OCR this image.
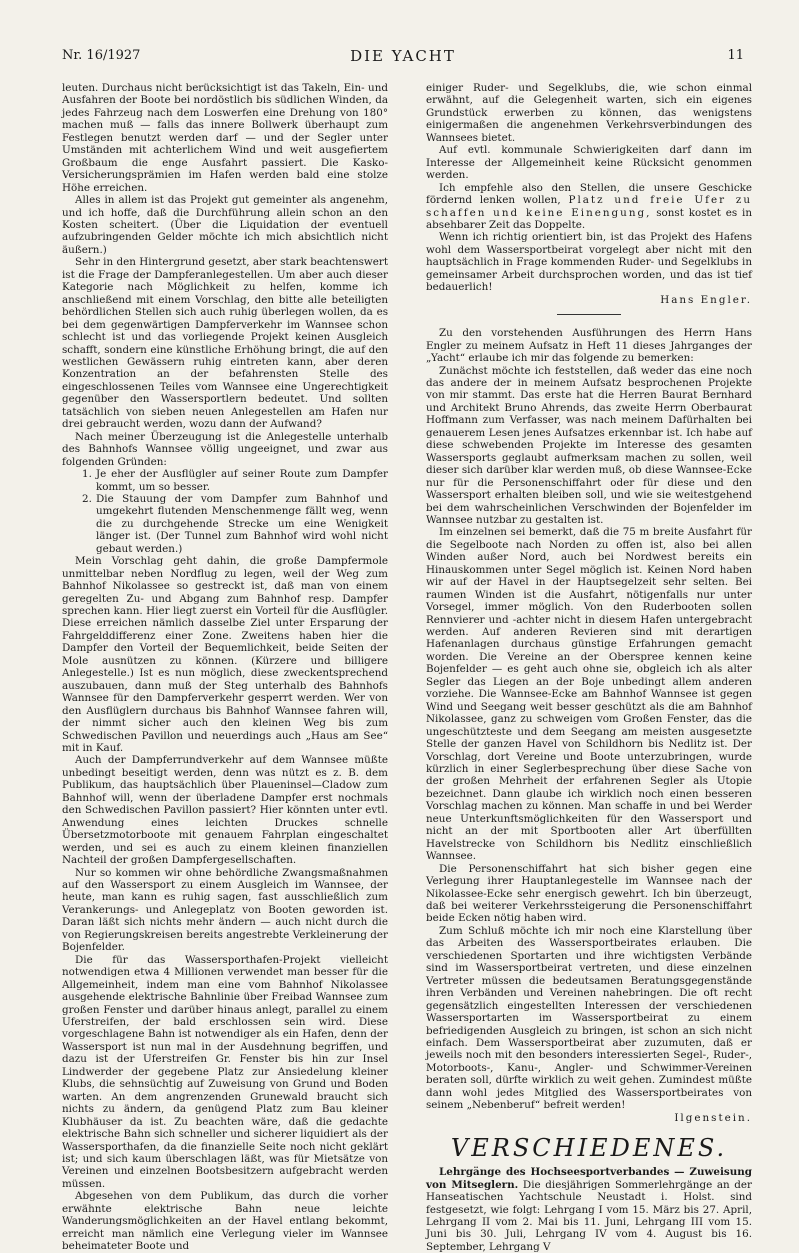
Nr. 16/1927	DIE YACHT	11

leuten. Durchaus nicht berücksichtigt ist das Takeln, Ein- und Ausfahren der Boote bei nordöstlich bis südlichen Winden, da jedes Fahrzeug nach dem Loswerfen eine Drehung von 180° machen muß — falls das innere Bollwerk überhaupt zum Festlegen benutzt werden darf — und der Segler unter Umständen mit achterlichem Wind und weit ausgefiertem Großbaum die enge Ausfahrt passiert. Die Kasko-Versicherungsprämien im Hafen werden bald eine stolze Höhe erreichen.

Alles in allem ist das Projekt gut gemeinter als angenehm, und ich hoffe, daß die Durchführung allein schon an den Kosten scheitert. (Über die Liquidation der eventuell aufzubringenden Gelder möchte ich mich absichtlich nicht äußern.)

Sehr in den Hintergrund gesetzt, aber stark beachtenswert ist die Frage der Dampferanlegestellen. Um aber auch dieser Kategorie nach Möglichkeit zu helfen, komme ich anschließend mit einem Vorschlag, den bitte alle beteiligten behördlichen Stellen sich auch ruhig überlegen wollen, da es bei dem gegenwärtigen Dampferverkehr im Wannsee schon schlecht ist und das vorliegende Projekt keinen Ausgleich schafft, sondern eine künstliche Erhöhung bringt, die auf den westlichen Gewässern ruhig eintreten kann, aber deren Konzentration an der befahrensten Stelle des eingeschlossenen Teiles vom Wannsee eine Ungerechtigkeit gegenüber den Wassersportlern bedeutet. Und sollten tatsächlich von sieben neuen Anlegestellen am Hafen nur drei gebraucht werden, wozu dann der Aufwand?

Nach meiner Überzeugung ist die Anlegestelle unterhalb des Bahnhofs Wannsee völlig ungeeignet, und zwar aus folgenden Gründen:

1. Je eher der Ausflügler auf seiner Route zum Dampfer kommt, um so besser.
2. Die Stauung der vom Dampfer zum Bahnhof und umgekehrt flutenden Menschenmenge fällt weg, wenn die zu durchgehende Strecke um eine Wenigkeit länger ist. (Der Tunnel zum Bahnhof wird wohl nicht gebaut werden.)

Mein Vorschlag geht dahin, die große Dampfermole unmittelbar neben Nordflug zu legen, weil der Weg zum Bahnhof Nikolassee so gestreckt ist, daß man von einem geregelten Zu- und Abgang zum Bahnhof resp. Dampfer sprechen kann. Hier liegt zuerst ein Vorteil für die Ausflügler. Diese erreichen nämlich dasselbe Ziel unter Ersparung der Fahrgelddifferenz einer Zone. Zweitens haben hier die Dampfer den Vorteil der Bequemlichkeit, beide Seiten der Mole ausnützen zu können. (Kürzere und billigere Anlegestelle.) Ist es nun möglich, diese zweckentsprechend auszubauen, dann muß der Steg unterhalb des Bahnhofs Wannsee für den Dampferverkehr gesperrt werden. Wer von den Ausflüglern durchaus bis Bahnhof Wannsee fahren will, der nimmt sicher auch den kleinen Weg bis zum Schwedischen Pavillon und neuerdings auch „Haus am See“ mit in Kauf.

Auch der Dampferrundverkehr auf dem Wannsee müßte unbedingt beseitigt werden, denn was nützt es z. B. dem Publikum, das hauptsächlich über Plaueninsel—Cladow zum Bahnhof will, wenn der überladene Dampfer erst nochmals den Schwedischen Pavillon passiert? Hier könnten unter evtl. Anwendung eines leichten Druckes schnelle Übersetzmotorboote mit genauem Fahrplan eingeschaltet werden, und sei es auch zu einem kleinen finanziellen Nachteil der großen Dampfergesellschaften.

Nur so kommen wir ohne behördliche Zwangsmaßnahmen auf den Wassersport zu einem Ausgleich im Wannsee, der heute, man kann es ruhig sagen, fast ausschließlich zum Verankerungs- und Anlegeplatz von Booten geworden ist. Daran läßt sich nichts mehr ändern — auch nicht durch die von Regierungskreisen bereits angestrebte Verkleinerung der Bojenfelder.

Die für das Wassersporthafen-Projekt vielleicht notwendigen etwa 4 Millionen verwendet man besser für die Allgemeinheit, indem man eine vom Bahnhof Nikolassee ausgehende elektrische Bahnlinie über Freibad Wannsee zum großen Fenster und darüber hinaus anlegt, parallel zu einem Uferstreifen, der bald erschlossen sein wird. Diese vorgeschlagene Bahn ist notwendiger als ein Hafen, denn der Wassersport ist nun mal in der Ausdehnung begriffen, und dazu ist der Uferstreifen Gr. Fenster bis hin zur Insel Lindwerder der gegebene Platz zur Ansiedelung kleiner Klubs, die sehnsüchtig auf Zuweisung von Grund und Boden warten. An dem angrenzenden Grunewald braucht sich nichts zu ändern, da genügend Platz zum Bau kleiner Klubhäuser da ist. Zu beachten wäre, daß die gedachte elektrische Bahn sich schneller und sicherer liquidiert als der Wassersporthafen, da die finanzielle Seite noch nicht geklärt ist; und sich kaum überschlagen läßt, was für Mietsätze von Vereinen und einzelnen Bootsbesitzern aufgebracht werden müssen.

Abgesehen von dem Publikum, das durch die vorher erwähnte elektrische Bahn neue leichte Wanderungsmöglichkeiten an der Havel entlang bekommt, erreicht man nämlich eine Verlegung vieler im Wannsee beheimateter Boote und

einiger Ruder- und Segelklubs, die, wie schon einmal erwähnt, auf die Gelegenheit warten, sich ein eigenes Grundstück erwerben zu können, das wenigstens einigermaßen die angenehmen Verkehrsverbindungen des Wannsees bietet.

Auf evtl. kommunale Schwierigkeiten darf dann im Interesse der Allgemeinheit keine Rücksicht genommen werden.

Ich empfehle also den Stellen, die unsere Geschicke fördernd lenken wollen, Platz und freie Ufer zu schaffen und keine Einengung, sonst kostet es in absehbarer Zeit das Doppelte.

Wenn ich richtig orientiert bin, ist das Projekt des Hafens wohl dem Wassersportbeirat vorgelegt aber nicht mit den hauptsächlich in Frage kommenden Ruder- und Segelklubs in gemeinsamer Arbeit durchsprochen worden, und das ist tief bedauerlich!

Hans Engler.

Zu den vorstehenden Ausführungen des Herrn Hans Engler zu meinem Aufsatz in Heft 11 dieses Jahrganges der „Yacht“ erlaube ich mir das folgende zu bemerken:

Zunächst möchte ich feststellen, daß weder das eine noch das andere der in meinem Aufsatz besprochenen Projekte von mir stammt. Das erste hat die Herren Baurat Bernhard und Architekt Bruno Ahrends, das zweite Herrn Oberbaurat Hoffmann zum Verfasser, was nach meinem Dafürhalten bei genauerem Lesen jenes Aufsatzes erkennbar ist. Ich habe auf diese schwebenden Projekte im Interesse des gesamten Wassersports geglaubt aufmerksam machen zu sollen, weil dieser sich darüber klar werden muß, ob diese Wannsee-Ecke nur für die Personenschiffahrt oder für diese und den Wassersport erhalten bleiben soll, und wie sie weitestgehend bei dem wahrscheinlichen Verschwinden der Bojenfelder im Wannsee nutzbar zu gestalten ist.

Im einzelnen sei bemerkt, daß die 75 m breite Ausfahrt für die Segelboote nach Norden zu offen ist, also bei allen Winden außer Nord, auch bei Nordwest bereits ein Hinauskommen unter Segel möglich ist. Keinen Nord haben wir auf der Havel in der Hauptsegelzeit sehr selten. Bei raumen Winden ist die Ausfahrt, nötigenfalls nur unter Vorsegel, immer möglich. Von den Ruderbooten sollen Rennvierer und -achter nicht in diesem Hafen untergebracht werden. Auf anderen Revieren sind mit derartigen Hafenanlagen durchaus günstige Erfahrungen gemacht worden. Die Vereine an der Oberspree kennen keine Bojenfelder — es geht auch ohne sie, obgleich ich als alter Segler das Liegen an der Boje unbedingt allem anderen vorziehe. Die Wannsee-Ecke am Bahnhof Wannsee ist gegen Wind und Seegang weit besser geschützt als die am Bahnhof Nikolassee, ganz zu schweigen vom Großen Fenster, das die ungeschützteste und dem Seegang am meisten ausgesetzte Stelle der ganzen Havel von Schildhorn bis Nedlitz ist. Der Vorschlag, dort Vereine und Boote unterzubringen, wurde kürzlich in einer Seglerbesprechung über diese Sache von der großen Mehrheit der erfahrenen Segler als Utopie bezeichnet. Dann glaube ich wirklich noch einen besseren Vorschlag machen zu können. Man schaffe in und bei Werder neue Unterkunftsmöglichkeiten für den Wassersport und nicht an der mit Sportbooten aller Art überfüllten Havelstrecke von Schildhorn bis Nedlitz einschließlich Wannsee.

Die Personenschiffahrt hat sich bisher gegen eine Verlegung ihrer Hauptanlegestelle im Wannsee nach der Nikolassee-Ecke sehr energisch gewehrt. Ich bin überzeugt, daß bei weiterer Verkehrssteigerung die Personenschiffahrt beide Ecken nötig haben wird.

Zum Schluß möchte ich mir noch eine Klarstellung über das Arbeiten des Wassersportbeirates erlauben. Die verschiedenen Sportarten und ihre wichtigsten Verbände sind im Wassersportbeirat vertreten, und diese einzelnen Vertreter müssen die bedeutsamen Beratungsgegenstände ihren Verbänden und Vereinen nahebringen. Die oft recht gegensätzlich eingestellten Interessen der verschiedenen Wassersportarten im Wassersportbeirat zu einem befriedigenden Ausgleich zu bringen, ist schon an sich nicht einfach. Dem Wassersportbeirat aber zuzumuten, daß er jeweils noch mit den besonders interessierten Segel-, Ruder-, Motorboots-, Kanu-, Angler- und Schwimmer-Vereinen beraten soll, dürfte wirklich zu weit gehen. Zumindest müßte dann wohl jedes Mitglied des Wassersportbeirates von seinem „Nebenberuf“ befreit werden!

Ilgenstein.
VERSCHIEDENES.

Lehrgänge des Hochseesportverbandes — Zuweisung von Mitseglern. Die diesjährigen Sommerlehrgänge an der Hanseatischen Yachtschule Neustadt i. Holst. sind festgesetzt, wie folgt: Lehrgang I vom 15. März bis 27. April, Lehrgang II vom 2. Mai bis 11. Juni, Lehrgang III vom 15. Juni bis 30. Juli, Lehrgang IV vom 4. August bis 16. September, Lehrgang V
